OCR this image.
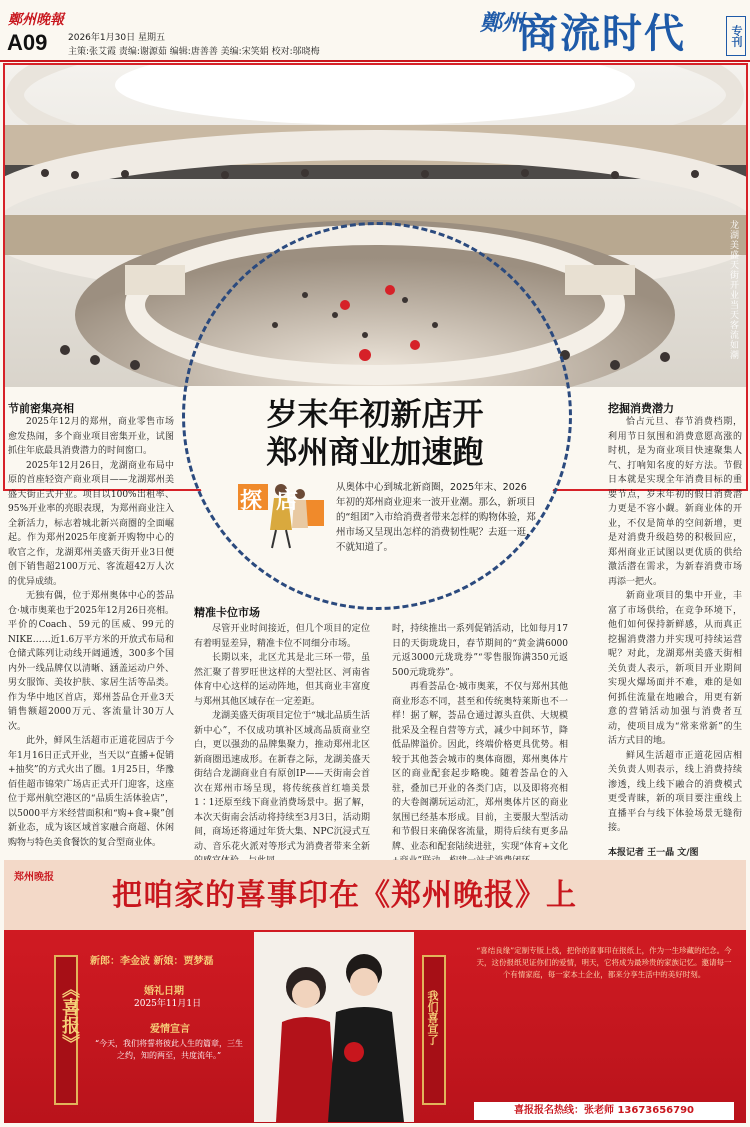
鄭州晚報
A09 2026年1月30日 星期五
主策:张艾霞 责编:谢源茹 编辑:唐善善 美编:宋笑娟 校对:邬晓梅
鄭州
商流时代	专刊
龙湖美盛天街开业当天客流如潮
岁末年初新店开
郑州商业加速跑
探店
从奥体中心到城北新商圈，2025年末、2026年初的郑州商业迎来一波开业潮。那么，新项目的“组团”入市给消费者带来怎样的购物体验，郑州市场又呈现出怎样的消费韧性呢？去逛一逛，不就知道了。
节前密集亮相

2025年12月的郑州，商业零售市场愈发热闹，多个商业项目密集开业，试图抓住年底最具消费潜力的时间窗口。

2025年12月26日，龙湖商业布局中原的首座轻资产商业项目——龙湖郑州美盛天街正式开业。项目以100%出租率、95%开业率的亮眼表现，为郑州商业注入全新活力，标志着城北新兴商圈的全面崛起。作为郑州2025年度新开购物中心的收官之作，龙湖郑州美盛天街开业3日便创下销售超2100万元、客流超42万人次的优异成绩。

无独有偶，位于郑州奥体中心的荟品仓·城市奥莱也于2025年12月26日亮相。平价的Coach、59元的匡威、99元的NIKE……近1.6万平方米的开放式布局和仓储式陈列让动线开阔通透，300多个国内外一线品牌仅以清晰、涵盖运动户外、男女服饰、美妆护肤、家居生活等品类。作为华中地区首店，郑州荟品仓开业3天销售额超2000万元、客流量计30万人次。

此外，鲜风生活超市正道花园店于今年1月16日正式开业，当天以“直播+促销+抽奖”的方式火出了圈。1月25日，华豫佰佳超市锦荣广场店正式开门迎客，这座位于郑州航空港区的“品质生活体验店”，以5000平方米经营面积和“购+食+聚”创新业态，成为该区域首家融合商超、休闲购物与特色美食餐饮的复合型商业体。

精准卡位市场

尽管开业时间接近，但几个项目的定位有着明显差异，精准卡位不同细分市场。

长期以来，北区尤其是北三环一带，虽然汇聚了普罗旺世这样的大型社区、河南省体育中心这样的运动阵地，但其商业丰富度与郑州其他区域存在一定差距。

龙湖美盛天街项目定位于“城北品质生活新中心”，不仅成功填补区域高品质商业空白，更以强劲的品牌集聚力，推动郑州北区新商圈迅速成形。在新春之际，龙湖美盛天街结合龙湖商业自有原创IP——天街南会首次在郑州市场呈现，将传统孩首红墙美景1∶1还原至线下商业消费场景中。据了解，本次天街南会活动将持续至3月3日，活动期间，商场还将通过年货大集、NPC沉浸式互动、音乐花火派对等形式为消费者带来全新

时，持续推出一系列促销活动，比如每月17日的天街珑珑日，春节期间的“黄金满6000元返3000元珑珑券”“零售服饰满350元返500元珑珑券”。

再看荟品仓·城市奥莱，不仅与郑州其他商业形态不同，甚至和传统奥特莱斯也不一样！据了解，荟品仓通过源头直供、大规模批采及全程自营等方式，减少中间环节，降低品牌溢价。因此，终端价格更具优势。相较于其他荟会城市的奥体商圈，郑州奥体片区的商业配套起步略晚。随着荟品仓的入驻，叠加已开业的各类门店，以及即将亮相的大卷阁潮玩运动汇，郑州奥体片区的商业氛围已经基本形成。目前，主要服大型活动和节假日来确保客流量，期待后续有更多品牌、业态和配套陆续进驻，实现“体育+文化

挖掘消费潜力

恰占元旦、春节消费档期，利用节日氛围和消费意愿高涨的时机，是为商业项目快速聚集人气、打响知名度的好方法。节假日本就是实现全年消费目标的重要节点，岁末年初的假日消费潜力更是不容小觑。新商业体的开业，不仅是简单的空间新增，更是对消费升级趋势的积极回应，郑州商业正试图以更优质的供给激活潜在需求，为新春消费市场再添一把火。

新商业项目的集中开业，丰富了市场供给，在竞争环境下，他们如何保持新鲜感，从而真正挖掘消费潜力并实现可持续运营呢？对此，龙湖郑州美盛天街相关负责人表示，新项目开业期间实现火爆场面并不难，难的是如何抓住流量在地融合，用更有新意的营销活动加强与消费者互动，使项目成为“常来常新”的生活方式目的地。

鲜风生活超市正道花园店相关负责人则表示，线上消费持续渗透，线上线下融合的消费模式更受青睐，新的项目要注重线上直播平台与线下体验场景无缝衔接。

本报记者 王一晶 文/图
郑州晚报
把咱家的喜事印在《郑州晚报》上
《喜报》	我们喜宣了
新郎：李金波 新娘：贾梦磊
婚礼日期
2025年11月1日
爱情宣言
“今天，我们将誓将彼此人生的篇章，三生之约，知的两至，共度流年。”
“喜结良缘”定制专版上线，把你的喜事印在报纸上，作为一生珍藏的纪念。今天，这份报纸见证你们的爱情，明天，它将成为最珍贵的家族记忆。邀请每一个有情家庭，每一家本土企业，都来分享生活中的美好时刻。
喜报报名热线：张老师 13673656790
